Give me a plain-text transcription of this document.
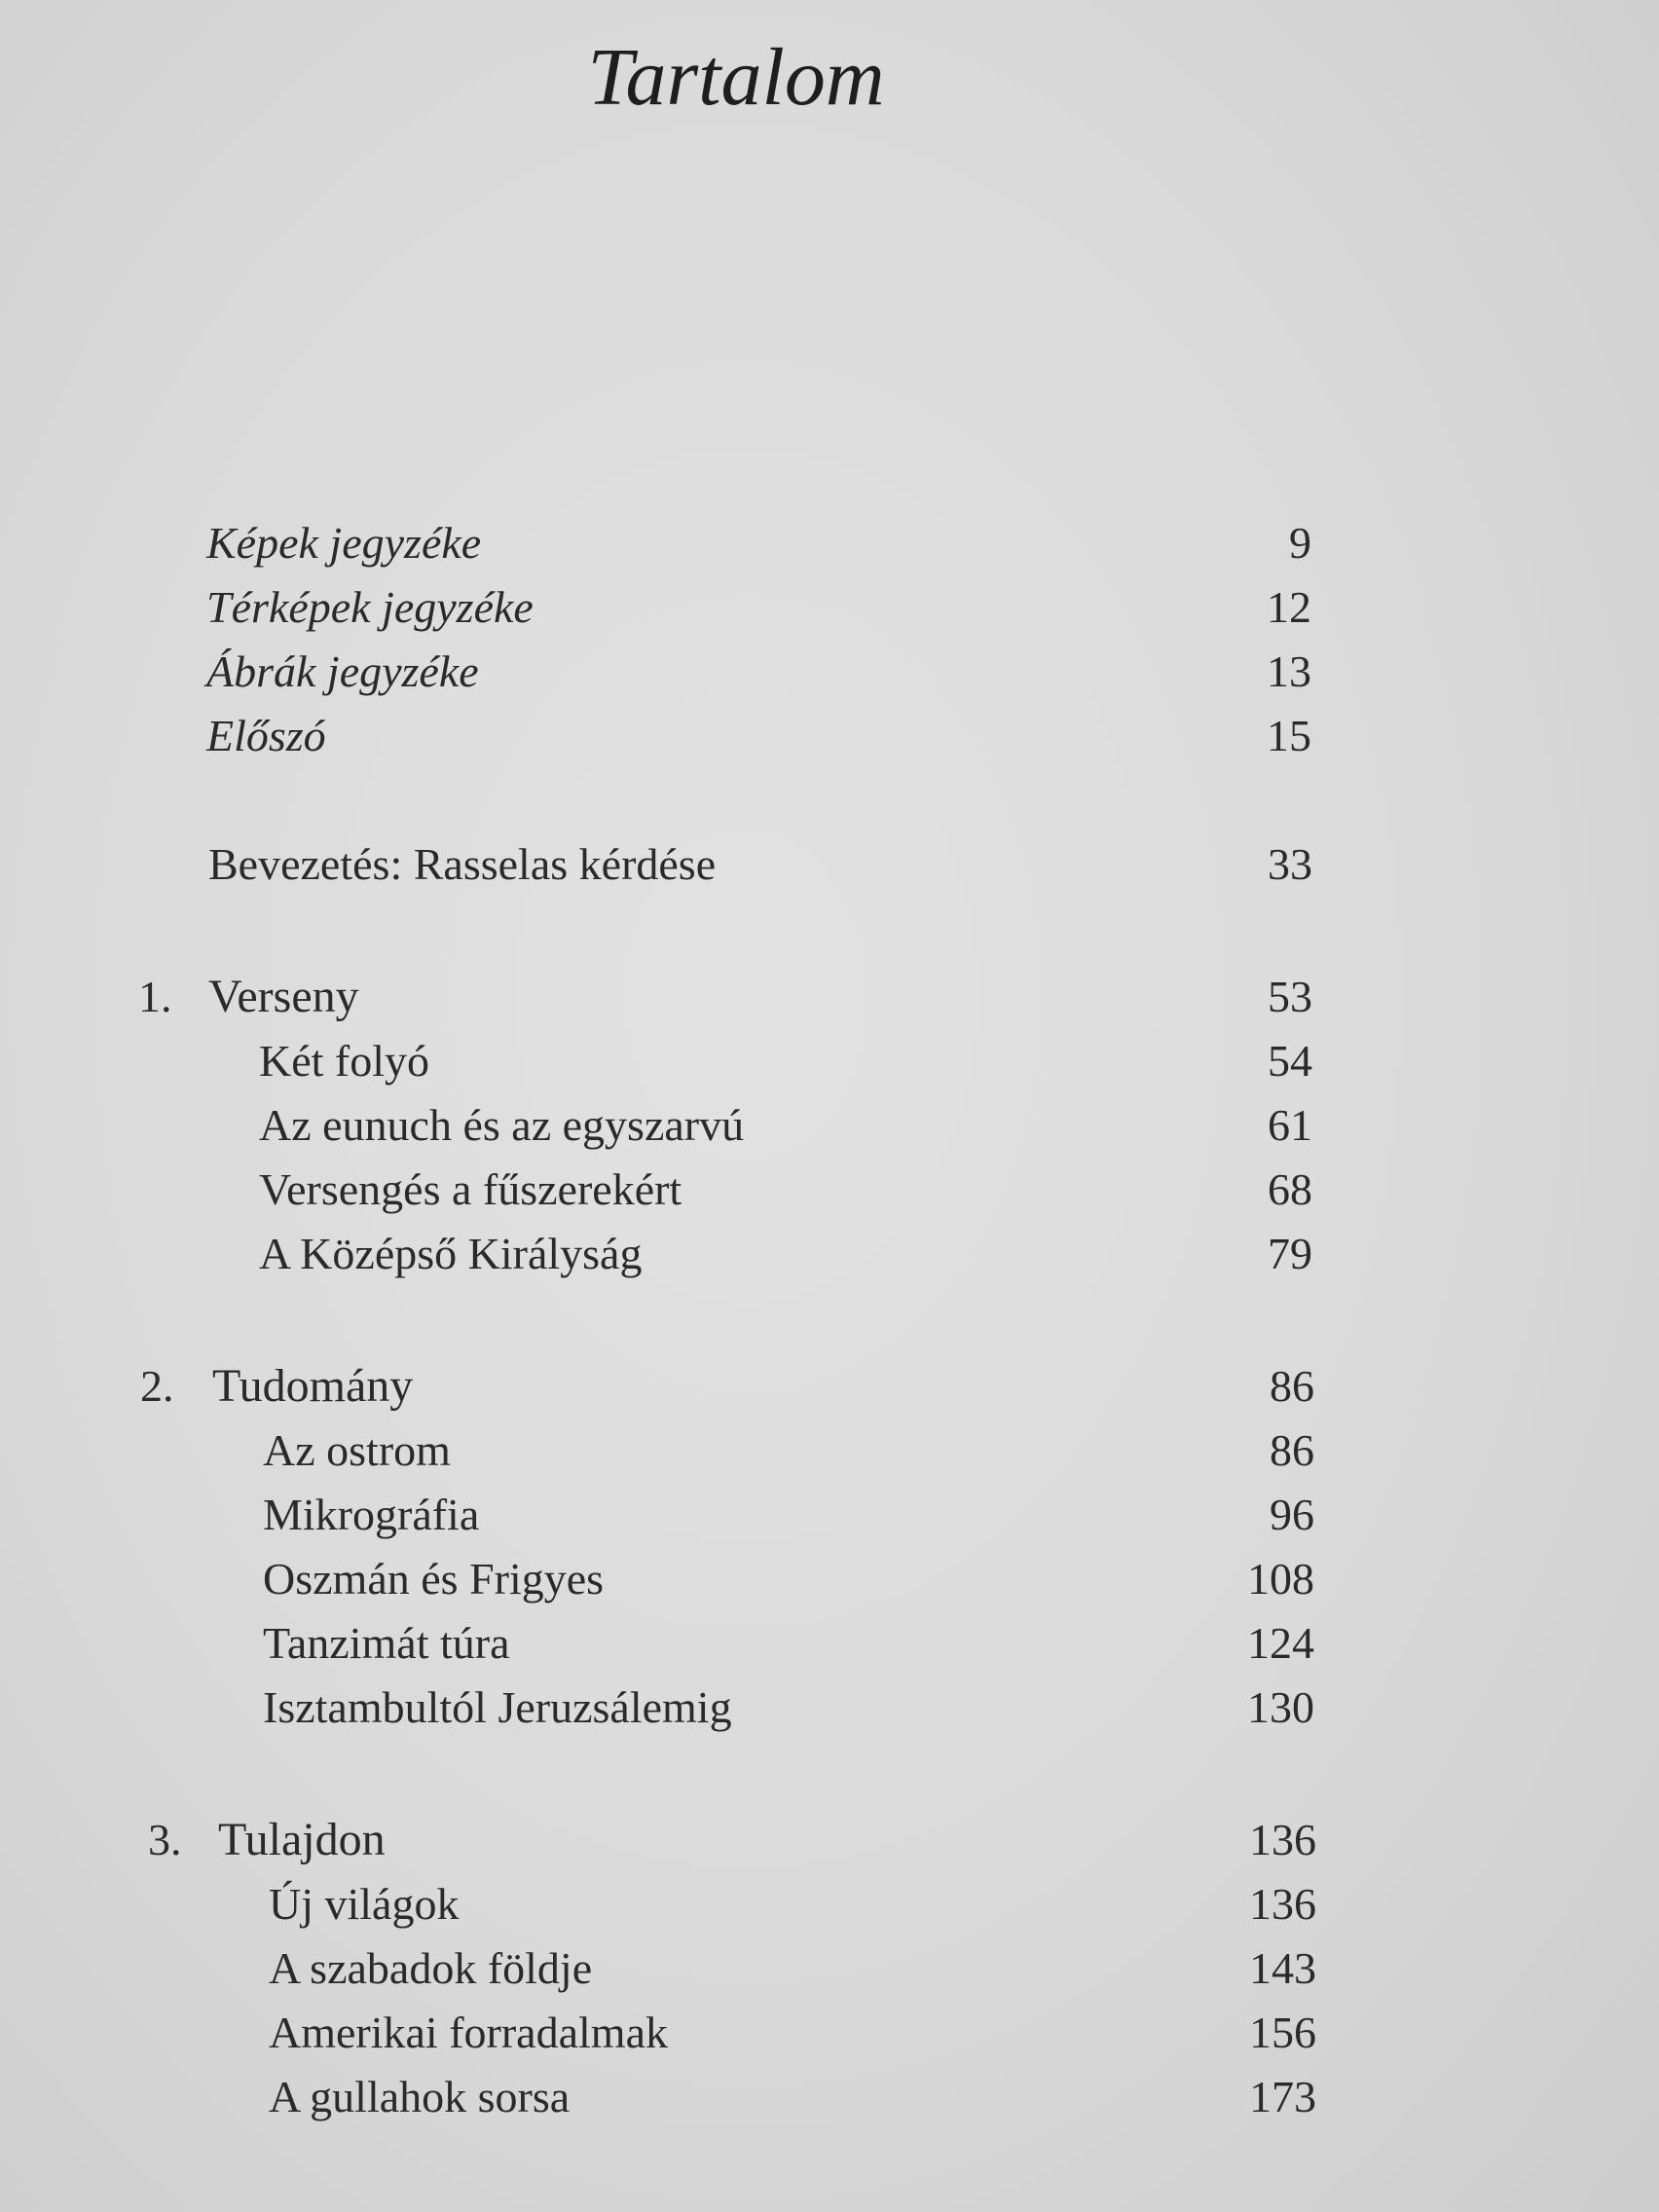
Tartalom
Képek jegyzéke	9
Térképek jegyzéke	12
Ábrák jegyzéke	13
Előszó	15
Bevezetés: Rasselas kérdése	33
1. Verseny	53
Két folyó	54
Az eunuch és az egyszarvú	61
Versengés a fűszerekért	68
A Középső Királyság	79
2. Tudomány	86
Az ostrom	86
Mikrográfia	96
Oszmán és Frigyes	108
Tanzimát túra	124
Isztambultól Jeruzsálemig	130
3. Tulajdon	136
Új világok	136
A szabadok földje	143
Amerikai forradalmak	156
A gullahok sorsa	173
